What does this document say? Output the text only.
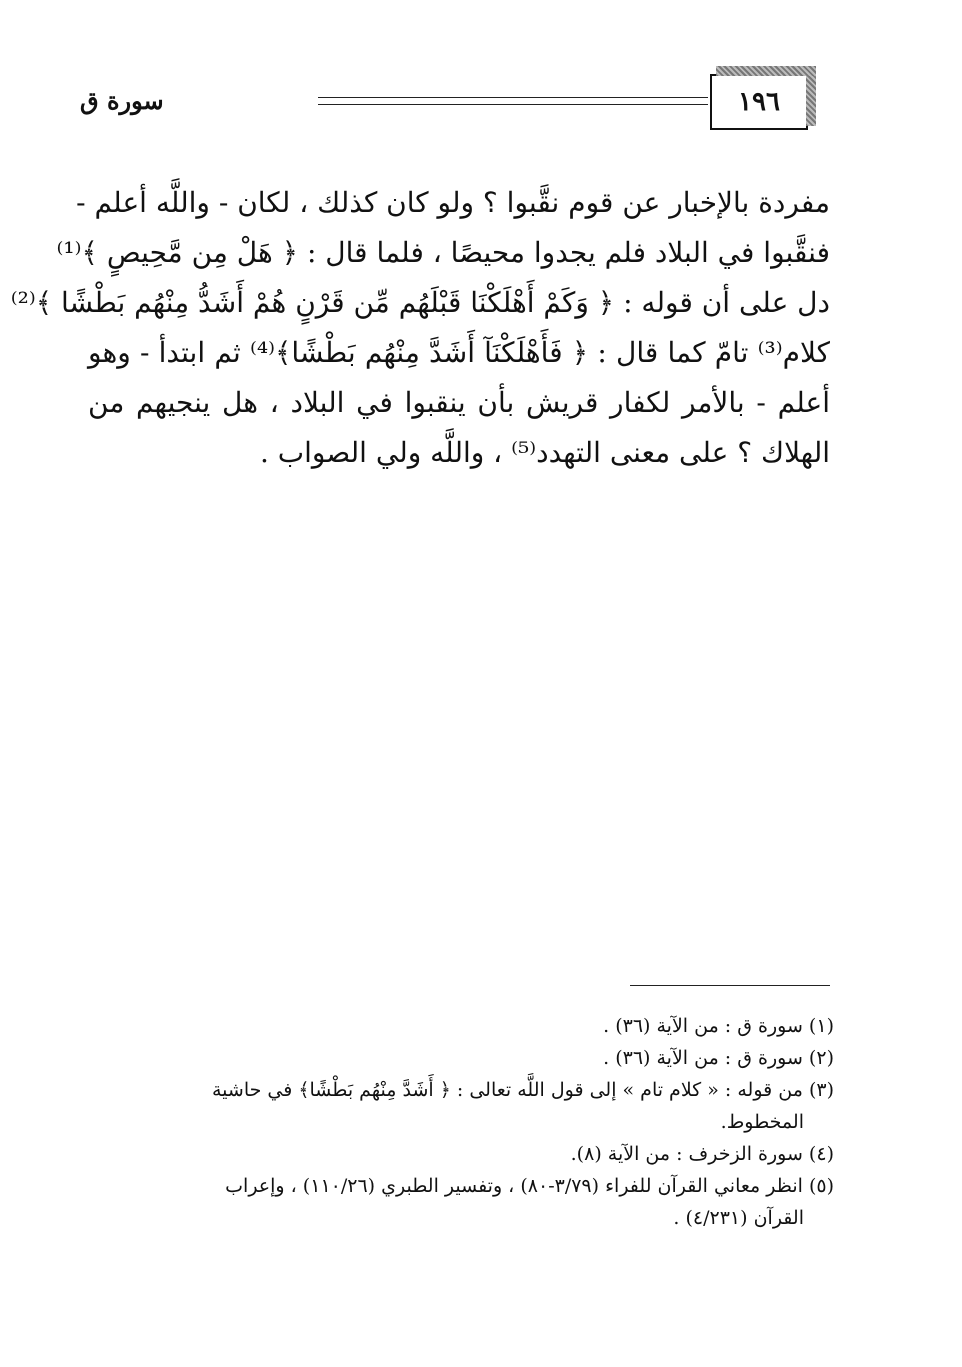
١٩٦
سورة ق
مفردة بالإخبار عن قوم نقَّبوا ؟ ولو كان كذلك ، لكان - واللَّه أعلم -
فنقَّبوا في البلاد فلم يجدوا محيصًا ، فلما قال : ﴿ هَلْ مِن مَّحِيصٍ ﴾⁽¹⁾
دل على أن قوله : ﴿ وَكَمْ أَهْلَكْنَا قَبْلَهُم مِّن قَرْنٍ هُمْ أَشَدُّ مِنْهُم بَطْشًا ﴾⁽²⁾
كلام⁽³⁾ تامّ كما قال : ﴿ فَأَهْلَكْنَآ أَشَدَّ مِنْهُم بَطْشًا﴾⁽⁴⁾ ثم ابتدأ - وهو
أعلم - بالأمر لكفار قريش بأن ينقبوا في البلاد ، هل ينجيهم من
الهلاك ؟ على معنى التهدد⁽⁵⁾ ، واللَّه ولي الصواب .
(١) سورة ق : من الآية (٣٦) .
(٢) سورة ق : من الآية (٣٦) .
(٣) من قوله : « كلام تام » إلى قول اللَّه تعالى : ﴿ أَشَدَّ مِنْهُم بَطْشًا﴾ في حاشية
المخطوط.
(٤) سورة الزخرف : من الآية (٨).
(٥) انظر معاني القرآن للفراء (٣/٧٩-٨٠) ، وتفسير الطبري (١١٠/٢٦) ، وإعراب
القرآن (٤/٢٣١) .
